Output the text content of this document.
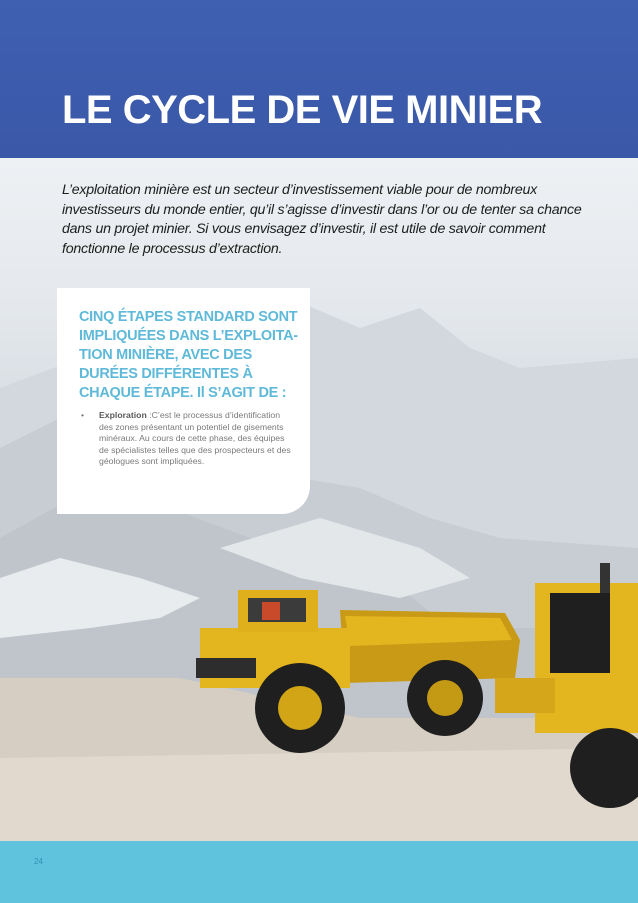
LE CYCLE DE VIE MINIER

L’exploitation minière est un secteur d’investissement viable pour de nombreux investisseurs du monde entier, qu’il s’agisse d’investir dans l’or ou de tenter sa chance dans un projet minier. Si vous envisagez d’investir, il est utile de savoir comment fonctionne le processus d’extraction.

CINQ ÉTAPES STANDARD SONT IMPLIQUÉES DANS L’EXPLOITA-TION MINIÈRE, AVEC DES DURÉES DIFFÉRENTES À CHAQUE ÉTAPE. Il S’AGIT DE :
• Exploration :C’est le processus d’identification des zones présentant un potentiel de gisements minéraux. Au cours de cette phase, des équipes de spécialistes telles que des prospecteurs et des géologues sont impliquées.
24
